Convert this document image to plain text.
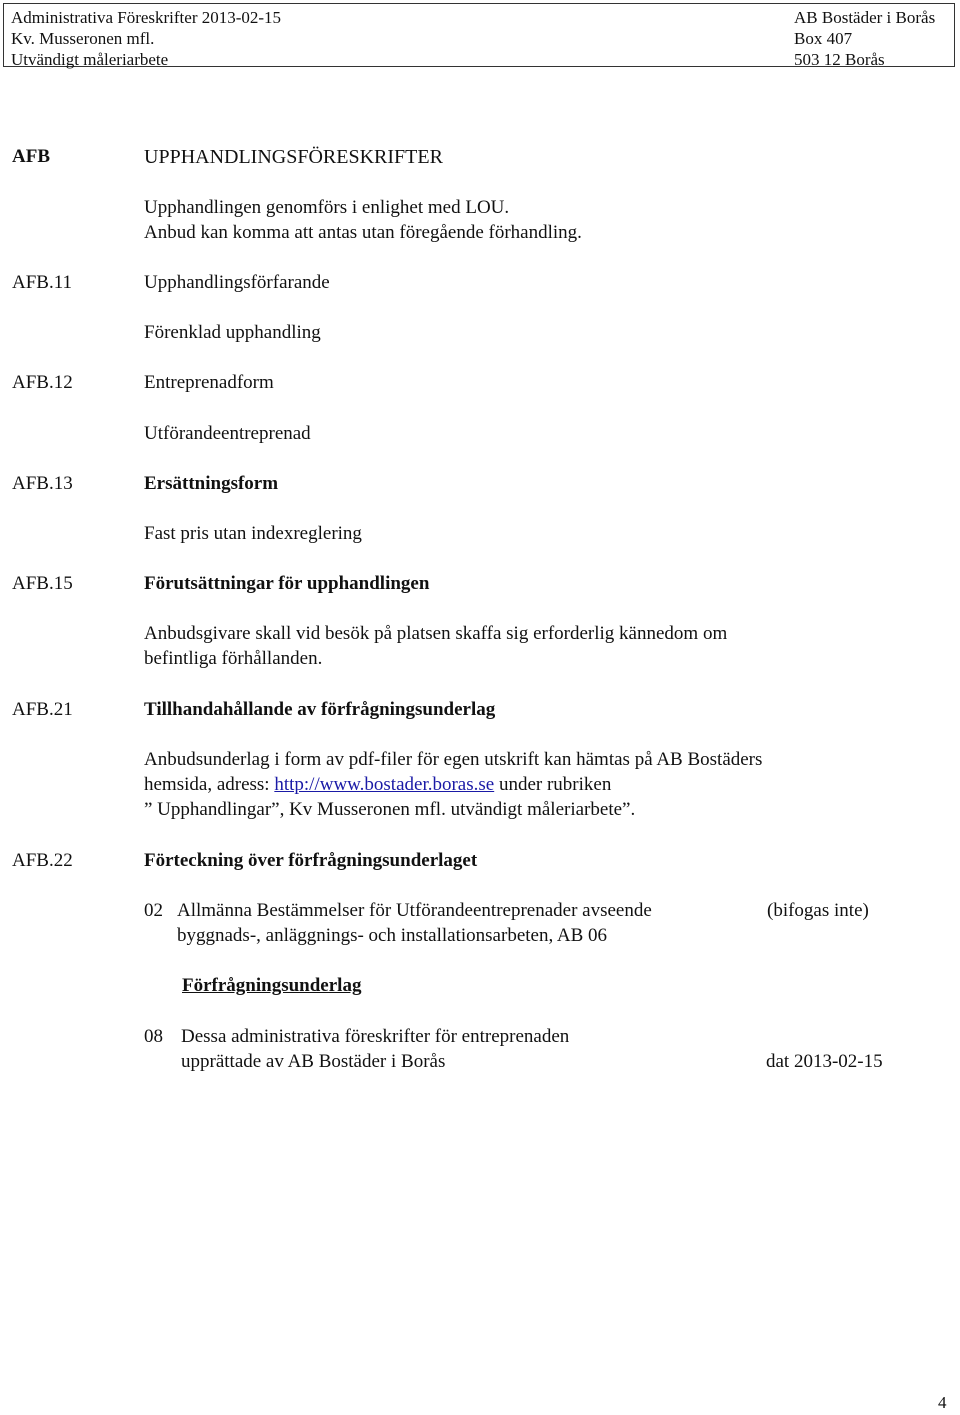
Administrativa Föreskrifter 2013-02-15
Kv. Musseronen mfl.
Utvändigt måleriarbete
AB Bostäder i Borås
Box 407
503 12 Borås
AFB	UPPHANDLINGSFÖRESKRIFTER
Upphandlingen genomförs i enlighet med LOU.
Anbud kan komma att antas utan föregående förhandling.
AFB.11	Upphandlingsförfarande
Förenklad upphandling
AFB.12	Entreprenadform
Utförandeentreprenad
AFB.13	Ersättningsform
Fast pris utan indexreglering
AFB.15	Förutsättningar för upphandlingen
Anbudsgivare skall vid besök på platsen skaffa sig erforderlig kännedom om
befintliga förhållanden.
AFB.21	Tillhandahållande av förfrågningsunderlag
Anbudsunderlag i form av pdf-filer för egen utskrift kan hämtas på AB Bostäders
hemsida, adress: http://www.bostader.boras.se under rubriken
” Upphandlingar”, Kv Musseronen mfl. utvändigt måleriarbete”.
AFB.22	Förteckning över förfrågningsunderlaget
02 Allmänna Bestämmelser för Utförandeentreprenader avseende	(bifogas inte)
byggnads-, anläggnings- och installationsarbeten, AB 06
Förfrågningsunderlag
08 Dessa administrativa föreskrifter för entreprenaden
upprättade av AB Bostäder i Borås	dat 2013-02-15
4
